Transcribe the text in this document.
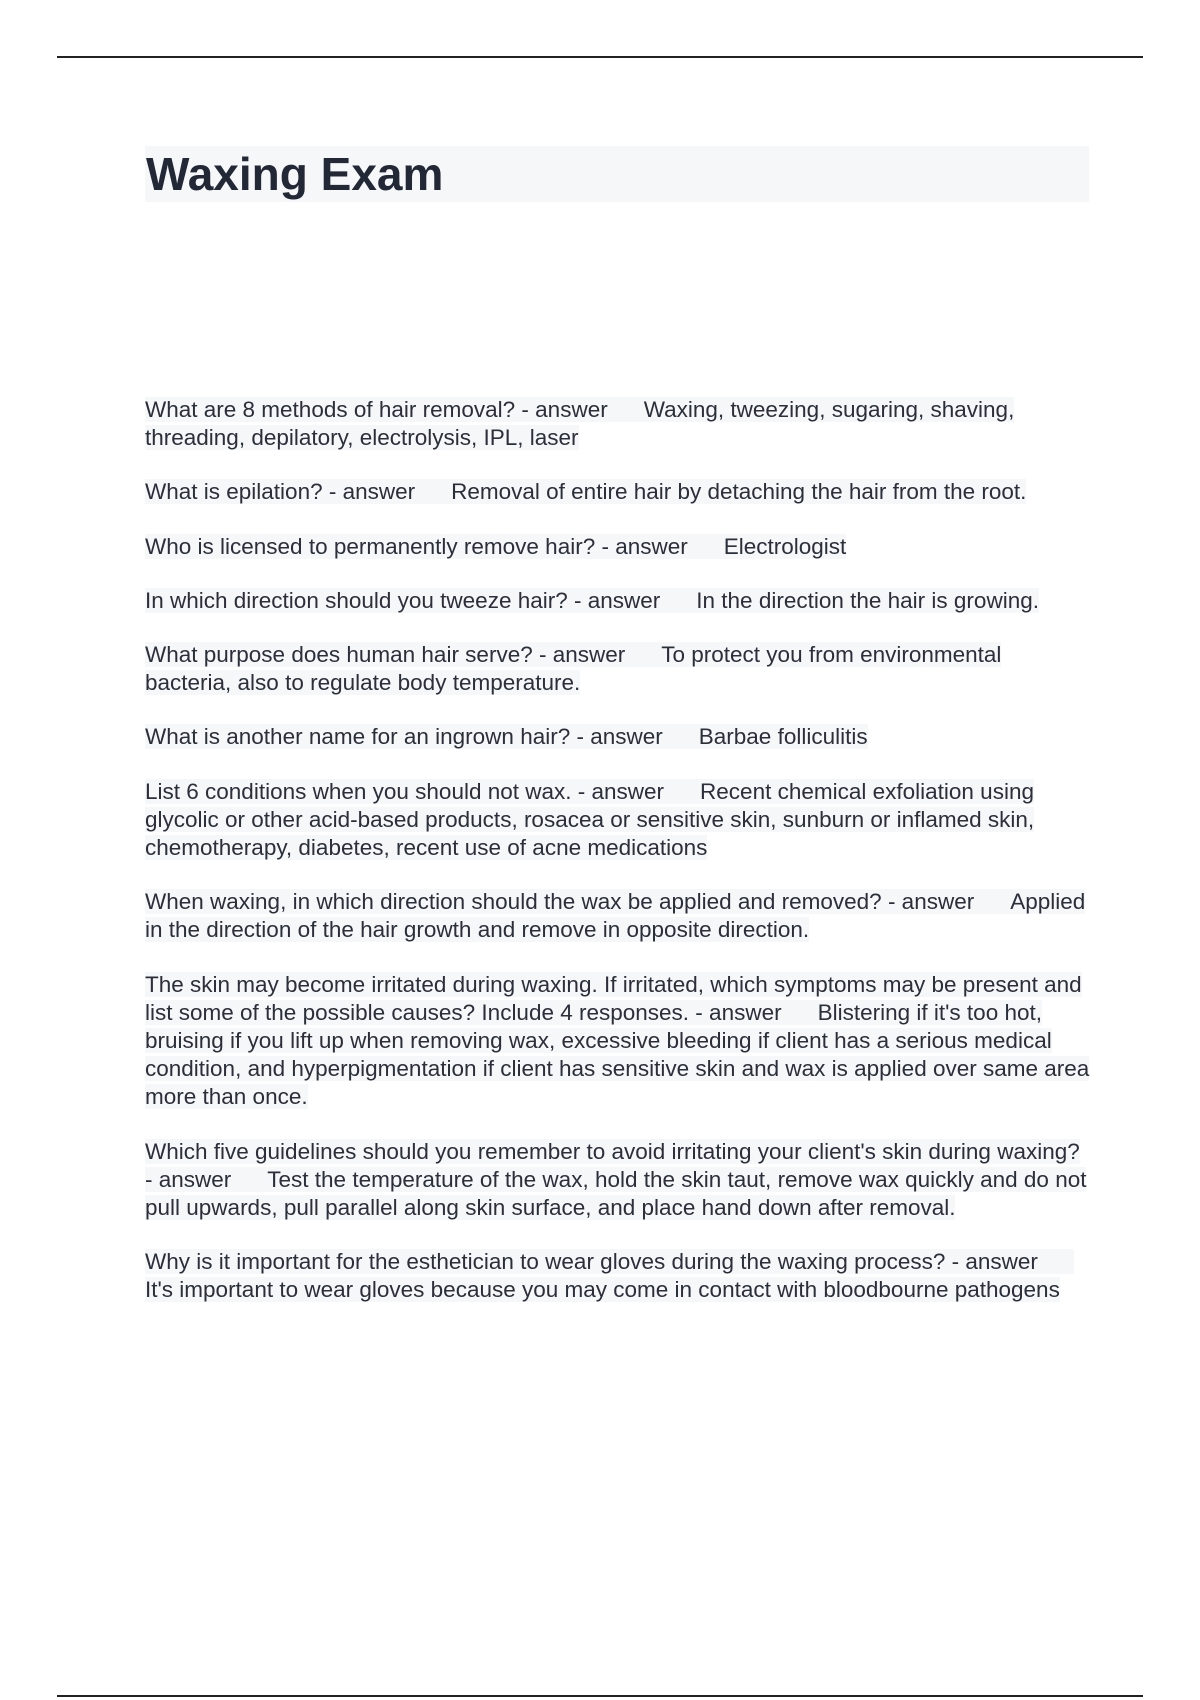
Waxing Exam

What are 8 methods of hair removal? - answer Waxing, tweezing, sugaring, shaving, threading, depilatory, electrolysis, IPL, laser

What is epilation? - answer Removal of entire hair by detaching the hair from the root.

Who is licensed to permanently remove hair? - answer Electrologist

In which direction should you tweeze hair? - answer In the direction the hair is growing.

What purpose does human hair serve? - answer To protect you from environmental bacteria, also to regulate body temperature.

What is another name for an ingrown hair? - answer Barbae folliculitis

List 6 conditions when you should not wax. - answer Recent chemical exfoliation using glycolic or other acid-based products, rosacea or sensitive skin, sunburn or inflamed skin, chemotherapy, diabetes, recent use of acne medications

When waxing, in which direction should the wax be applied and removed? - answer Applied in the direction of the hair growth and remove in opposite direction.

The skin may become irritated during waxing. If irritated, which symptoms may be present and list some of the possible causes? Include 4 responses. - answer Blistering if it's too hot, bruising if you lift up when removing wax, excessive bleeding if client has a serious medical condition, and hyperpigmentation if client has sensitive skin and wax is applied over same area more than once.

Which five guidelines should you remember to avoid irritating your client's skin during waxing? - answer Test the temperature of the wax, hold the skin taut, remove wax quickly and do not pull upwards, pull parallel along skin surface, and place hand down after removal.

Why is it important for the esthetician to wear gloves during the waxing process? - answerIt's important to wear gloves because you may come in contact with bloodbourne pathogens
